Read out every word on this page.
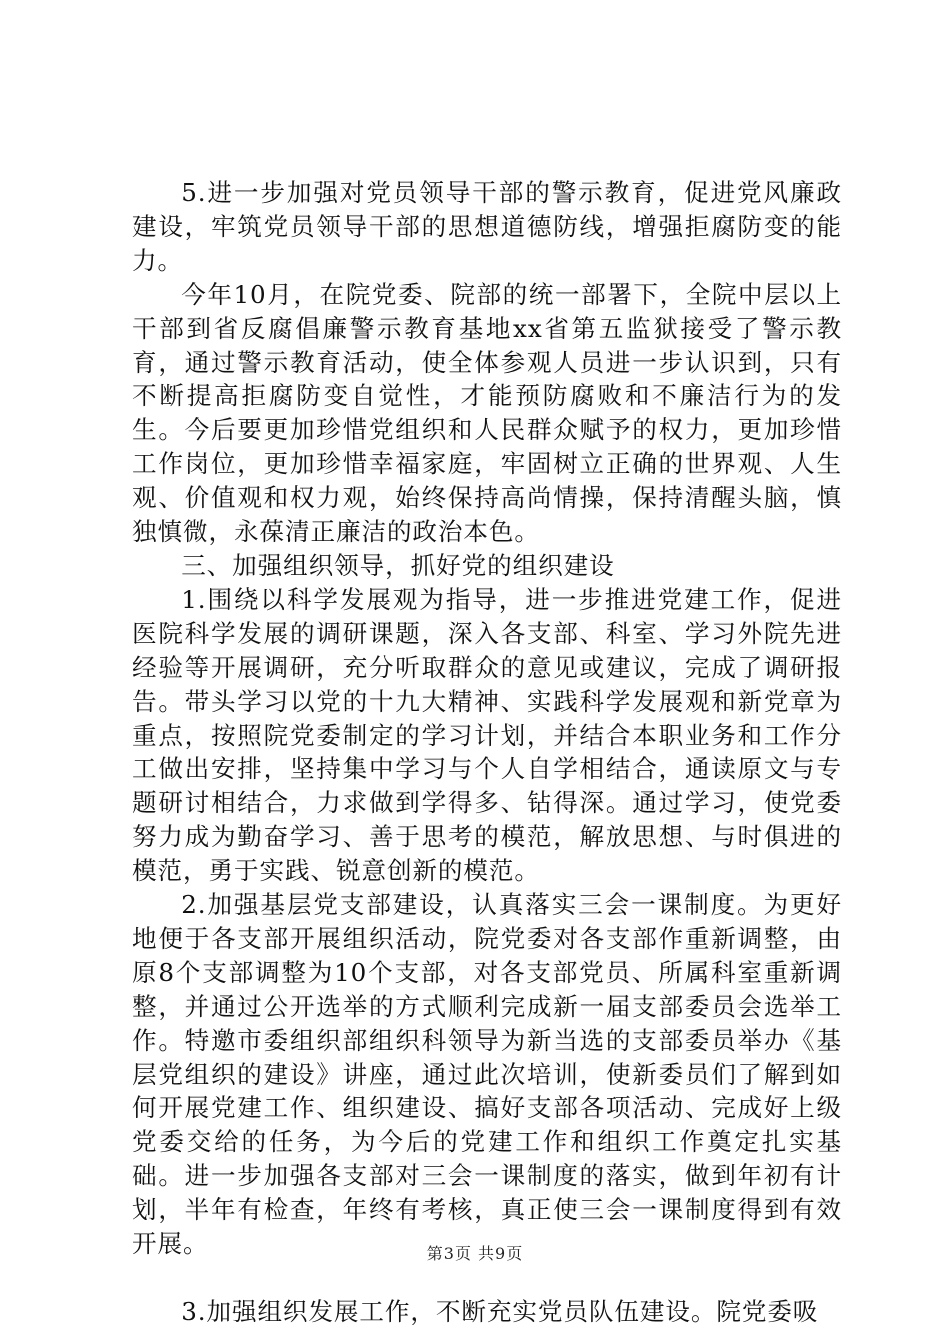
5.进一步加强对党员领导干部的警示教育，促进党风廉政建设，牢筑党员领导干部的思想道德防线，增强拒腐防变的能力。

今年10月，在院党委、院部的统一部署下，全院中层以上干部到省反腐倡廉警示教育基地xx省第五监狱接受了警示教育，通过警示教育活动，使全体参观人员进一步认识到，只有不断提高拒腐防变自觉性，才能预防腐败和不廉洁行为的发生。今后要更加珍惜党组织和人民群众赋予的权力，更加珍惜工作岗位，更加珍惜幸福家庭，牢固树立正确的世界观、人生观、价值观和权力观，始终保持高尚情操，保持清醒头脑，慎独慎微，永葆清正廉洁的政治本色。

三、加强组织领导，抓好党的组织建设

1.围绕以科学发展观为指导，进一步推进党建工作，促进医院科学发展的调研课题，深入各支部、科室、学习外院先进经验等开展调研，充分听取群众的意见或建议，完成了调研报告。带头学习以党的十九大精神、实践科学发展观和新党章为重点，按照院党委制定的学习计划，并结合本职业务和工作分工做出安排，坚持集中学习与个人自学相结合，通读原文与专题研讨相结合，力求做到学得多、钻得深。通过学习，使党委努力成为勤奋学习、善于思考的模范，解放思想、与时俱进的模范，勇于实践、锐意创新的模范。

2.加强基层党支部建设，认真落实三会一课制度。为更好地便于各支部开展组织活动，院党委对各支部作重新调整，由原8个支部调整为10个支部，对各支部党员、所属科室重新调整，并通过公开选举的方式顺利完成新一届支部委员会选举工作。特邀市委组织部组织科领导为新当选的支部委员举办《基层党组织的建设》讲座，通过此次培训，使新委员们了解到如何开展党建工作、组织建设、搞好支部各项活动、完成好上级党委交给的任务，为今后的党建工作和组织工作奠定扎实基础。进一步加强各支部对三会一课制度的落实，做到年初有计划，半年有检查，年终有考核，真正使三会一课制度得到有效开展。

3.加强组织发展工作，不断充实党员队伍建设。院党委吸

第3页 共9页
